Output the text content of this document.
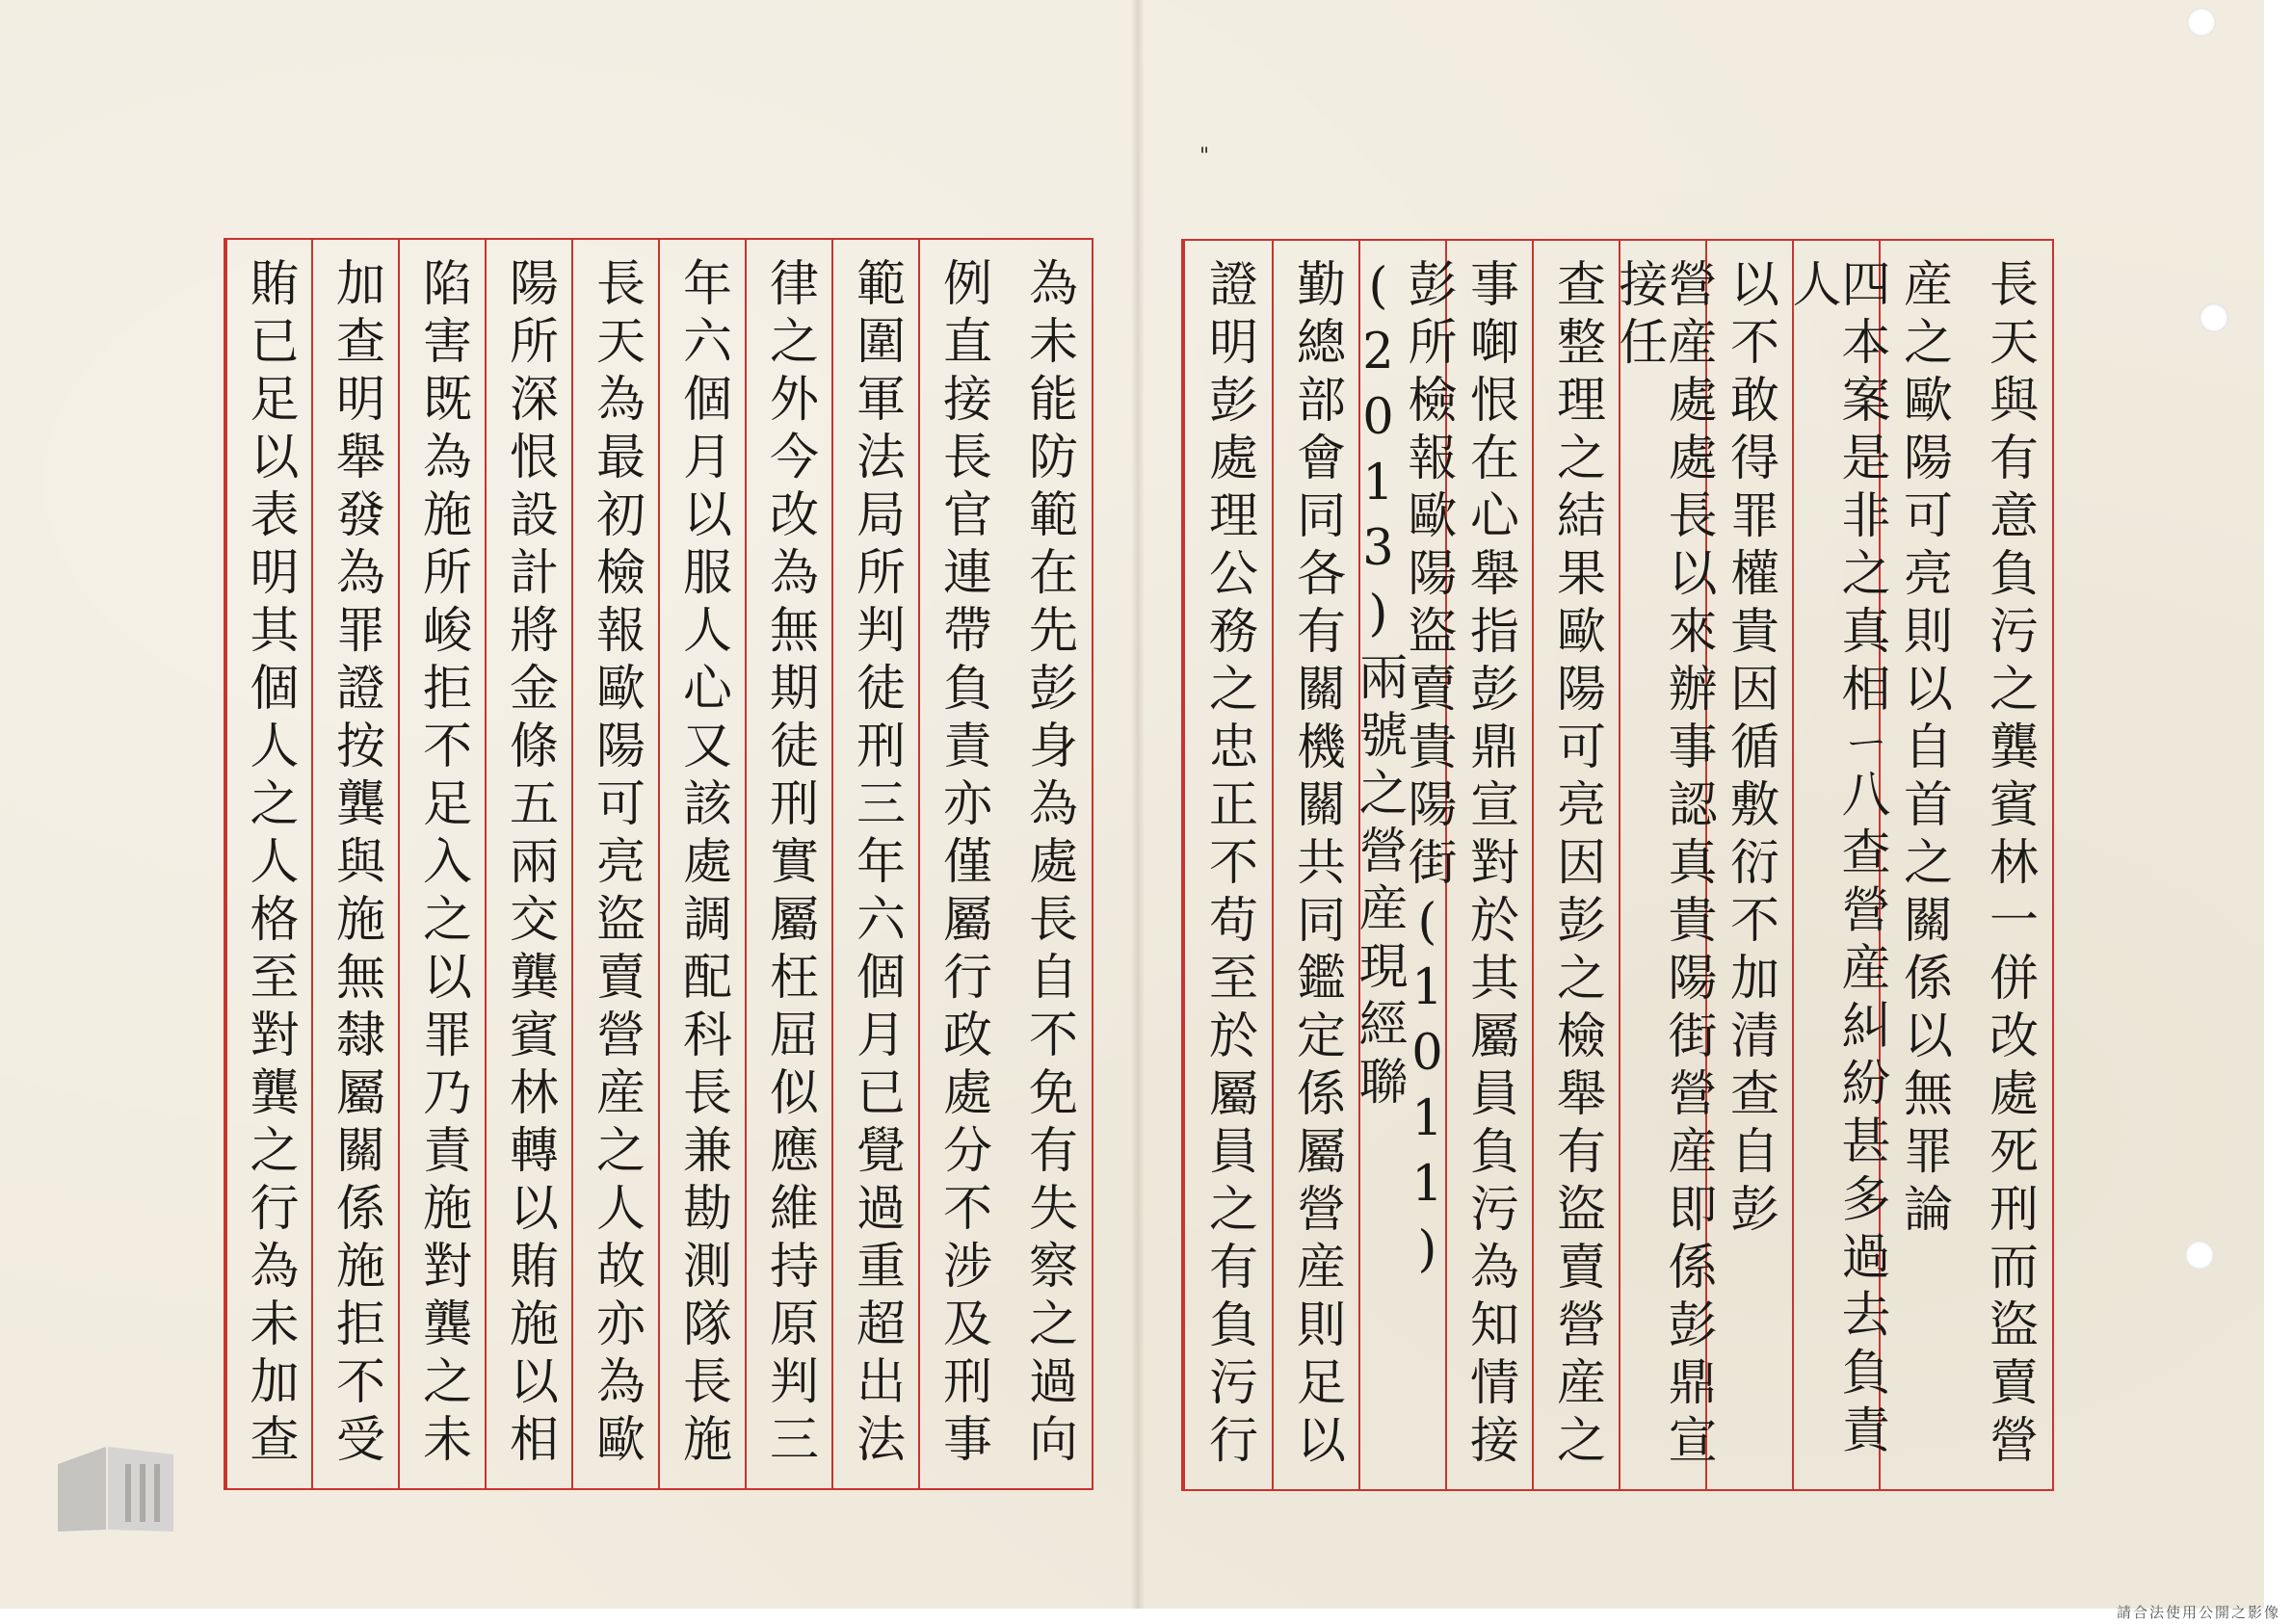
"
為未能防範在先彭身為處長自不免有失察之過向
例直接長官連帶負責亦僅屬行政處分不涉及刑事
範圍軍法局所判徒刑三年六個月已覺過重超出法
律之外今改為無期徒刑實屬枉屈似應維持原判三
年六個月以服人心又該處調配科長兼勘測隊長施
長天為最初檢報歐陽可亮盜賣營産之人故亦為歐
陽所深恨設計將金條五兩交龔賓林轉以賄施以相
陷害既為施所峻拒不足入之以罪乃責施對龔之未
加查明舉發為罪證按龔與施無隸屬關係施拒不受
賄已足以表明其個人之人格至對龔之行為未加查	長天與有意負污之龔賓林一併改處死刑而盜賣營
産之歐陽可亮則以自首之關係以無罪論
四本案是非之真相ㄧ八查營産糾紛甚多過去負責人
以不敢得罪權貴因循敷衍不加清查自彭
營産處處長以來辦事認真貴陽街營産即係彭鼎宣接任
查整理之結果歐陽可亮因彭之檢舉有盜賣營産之
事啣恨在心舉指彭鼎宣對於其屬員負污為知情接
彭所檢報歐陽盜賣貴陽街(1011)(2013)兩號之營産現經聯
勤總部會同各有關機關共同鑑定係屬營産則足以
證明彭處理公務之忠正不苟至於屬員之有負污行
請合法使用公開之影像
